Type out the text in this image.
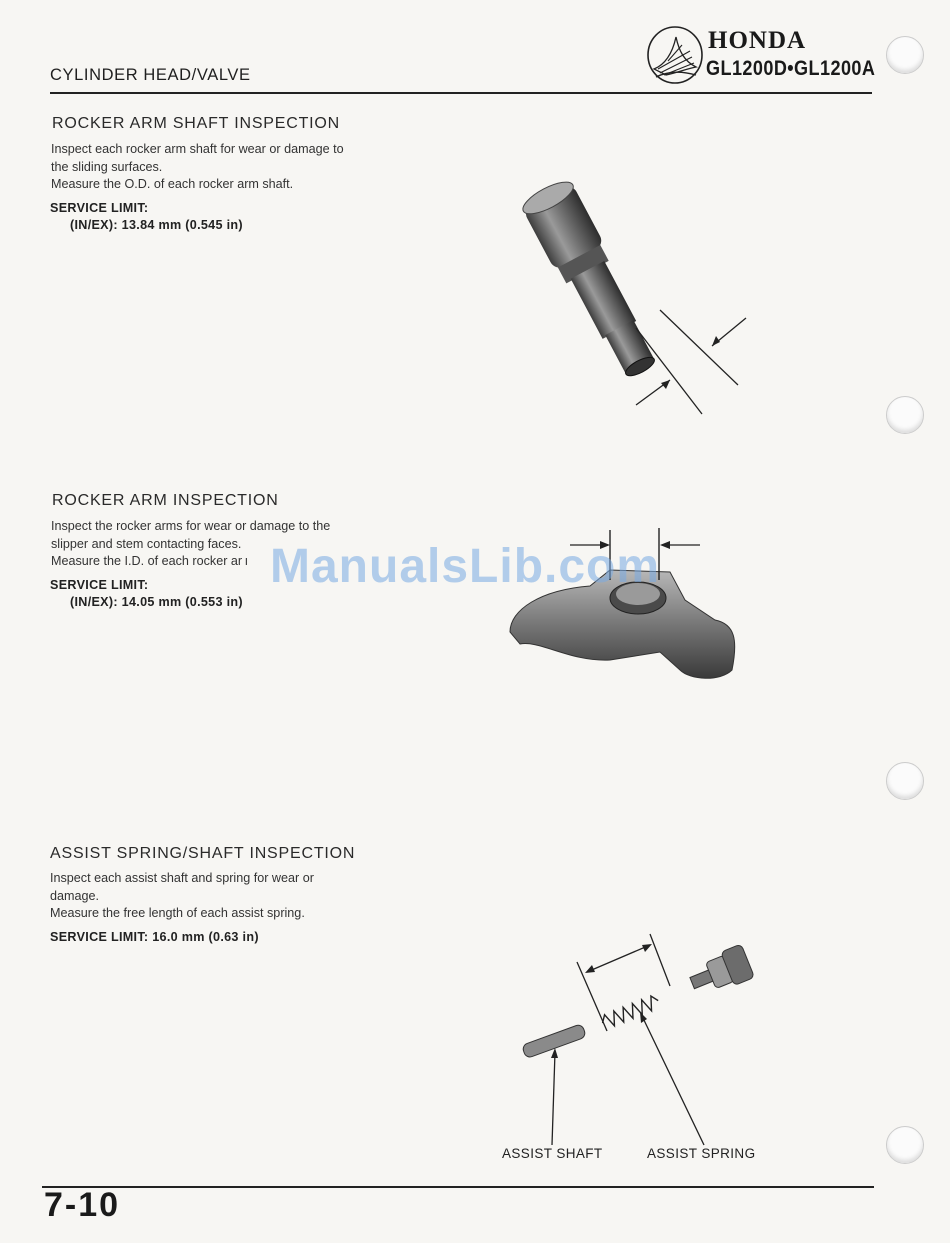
CYLINDER HEAD/VALVE
HONDA
GL1200D•GL1200A
ROCKER ARM SHAFT INSPECTION

Inspect each rocker arm shaft for wear or damage to

the sliding surfaces.

Measure the O.D. of each rocker arm shaft.

SERVICE LIMIT:
(IN/EX): 13.84 mm (0.545 in)
ROCKER ARM INSPECTION

Inspect the rocker arms for wear or damage to the

slipper and stem contacting faces.

Measure the I.D. of each rocker ar ı

SERVICE LIMIT:
(IN/EX): 14.05 mm (0.553 in)
ASSIST SPRING/SHAFT INSPECTION

Inspect each assist shaft and spring for wear or

damage.

Measure the free length of each assist spring.

SERVICE LIMIT: 16.0 mm (0.63 in)
ASSIST SHAFT	ASSIST SPRING
ManualsLib.com
7-10
